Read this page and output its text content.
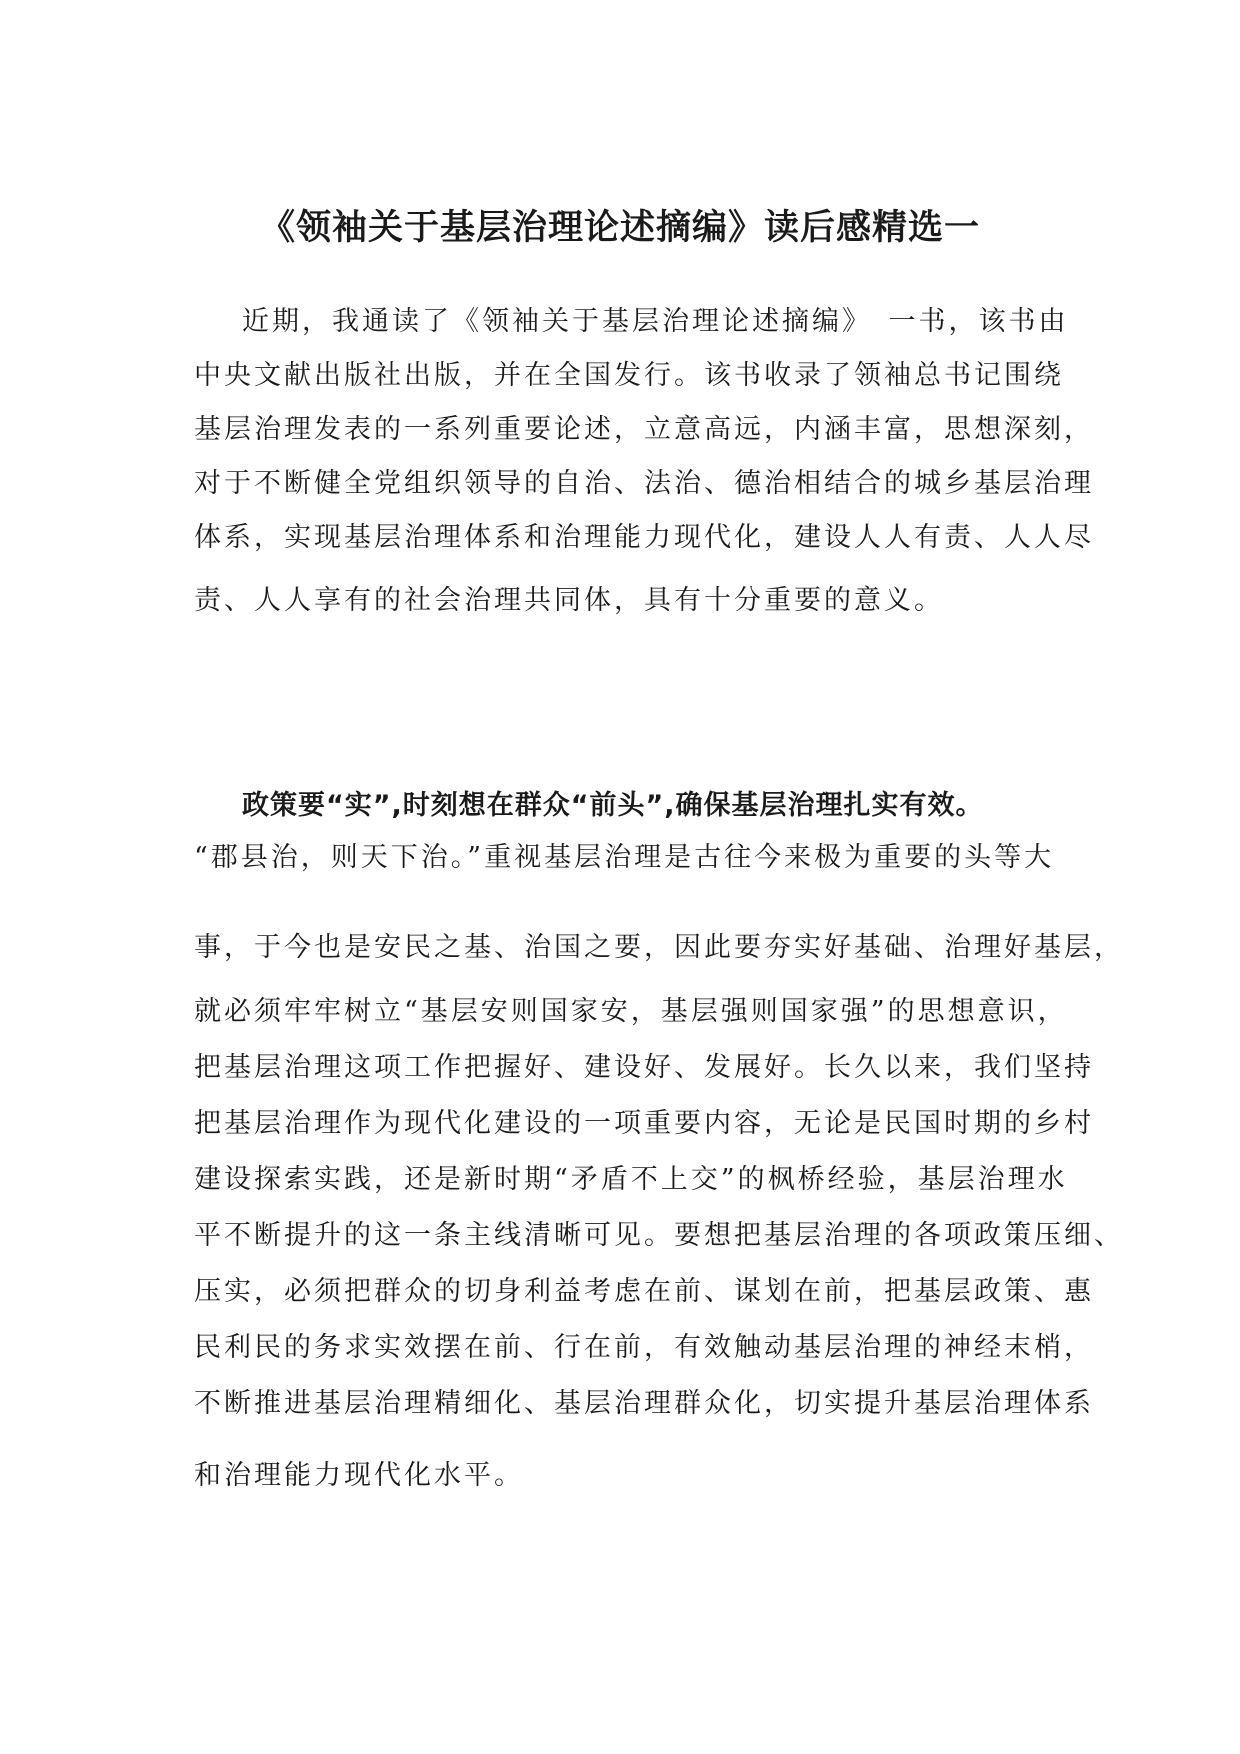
《领袖关于基层治理论述摘编》读后感精选一
近期，我通读了《领袖关于基层治理论述摘编》　一书，该书由
中央文献出版社出版，并在全国发行。该书收录了领袖总书记围绕
基层治理发表的一系列重要论述，立意高远，内涵丰富，思想深刻，
对于不断健全党组织领导的自治、法治、德治相结合的城乡基层治理
体系，实现基层治理体系和治理能力现代化，建设人人有责、人人尽
责、人人享有的社会治理共同体，具有十分重要的意义。
政策要“实”,时刻想在群众“前头”,确保基层治理扎实有效。
“郡县治，则天下治。”重视基层治理是古往今来极为重要的头等大
事，于今也是安民之基、治国之要，因此要夯实好基础、治理好基层，
就必须牢牢树立“基层安则国家安，基层强则国家强”的思想意识，
把基层治理这项工作把握好、建设好、发展好。长久以来，我们坚持
把基层治理作为现代化建设的一项重要内容，无论是民国时期的乡村
建设探索实践，还是新时期“矛盾不上交”的枫桥经验，基层治理水
平不断提升的这一条主线清晰可见。要想把基层治理的各项政策压细、
压实，必须把群众的切身利益考虑在前、谋划在前，把基层政策、惠
民利民的务求实效摆在前、行在前，有效触动基层治理的神经末梢，
不断推进基层治理精细化、基层治理群众化，切实提升基层治理体系
和治理能力现代化水平。
